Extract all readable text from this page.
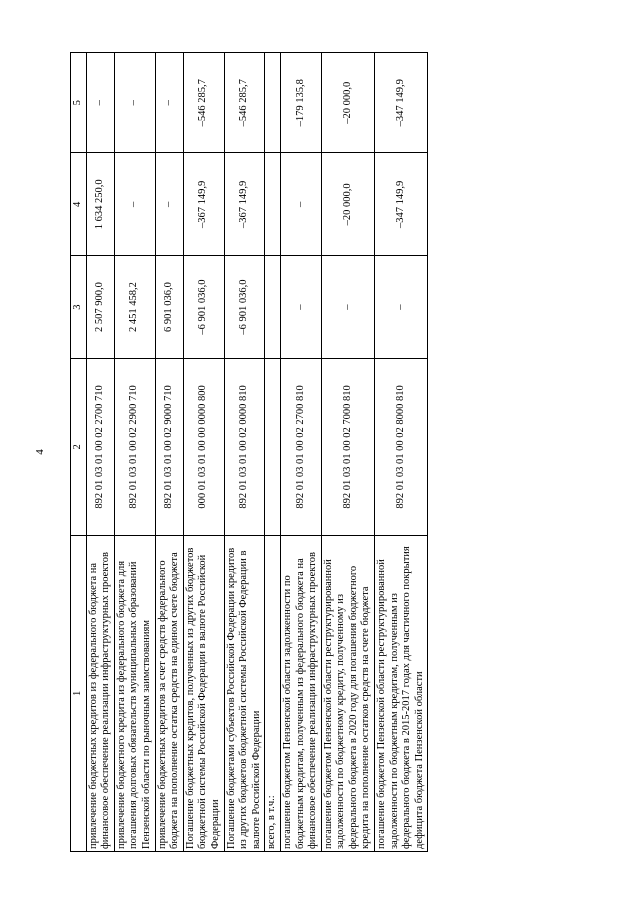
4
1	2	3	4	5
привлечение бюджетных кредитов из федерального бюджета на финансовое обеспечение реализации инфраструктурных проектов	892 01 03 01 00 02 2700 710	2 507 900,0	1 634 250,0	–
привлечение бюджетного кредита из федерального бюджета для погашения долговых обязательств муниципальных образований Пензенской области по рыночным заимствованиям	892 01 03 01 00 02 2900 710	2 451 458,2	–	–
привлечение бюджетных кредитов за счет средств федерального бюджета на пополнение остатка средств на едином счете бюджета	892 01 03 01 00 02 9000 710	6 901 036,0	–	–
Погашение бюджетных кредитов, полученных из других бюджетов бюджетной системы Российской Федерации в валюте Российской Федерации	000 01 03 01 00 00 0000 800	–6 901 036,0	–367 149,9	–546 285,7
Погашение бюджетами субъектов Российской Федерации кредитов из других бюджетов бюджетной системы Российской Федерации в валюте Российской Федерации	892 01 03 01 00 02 0000 810	–6 901 036,0	–367 149,9	–546 285,7
всего, в т.ч.:				
погашение бюджетом Пензенской области задолженности по бюджетным кредитам, полученным из федерального бюджета на финансовое обеспечение реализации инфраструктурных проектов	892 01 03 01 00 02 2700 810	–	–	–179 135,8
погашение бюджетом Пензенской области реструктурированной задолженности по бюджетному кредиту, полученному из федерального бюджета в 2020 году для погашения бюджетного кредита на пополнение остатков средств на счете бюджета	892 01 03 01 00 02 7000 810	–	–20 000,0	–20 000,0
погашение бюджетом Пензенской области реструктурированной задолженности по бюджетным кредитам, полученным из федерального бюджета в 2015-2017 годах для частичного покрытия дефицита бюджета Пензенской области	892 01 03 01 00 02 8000 810	–	–347 149,9	–347 149,9
